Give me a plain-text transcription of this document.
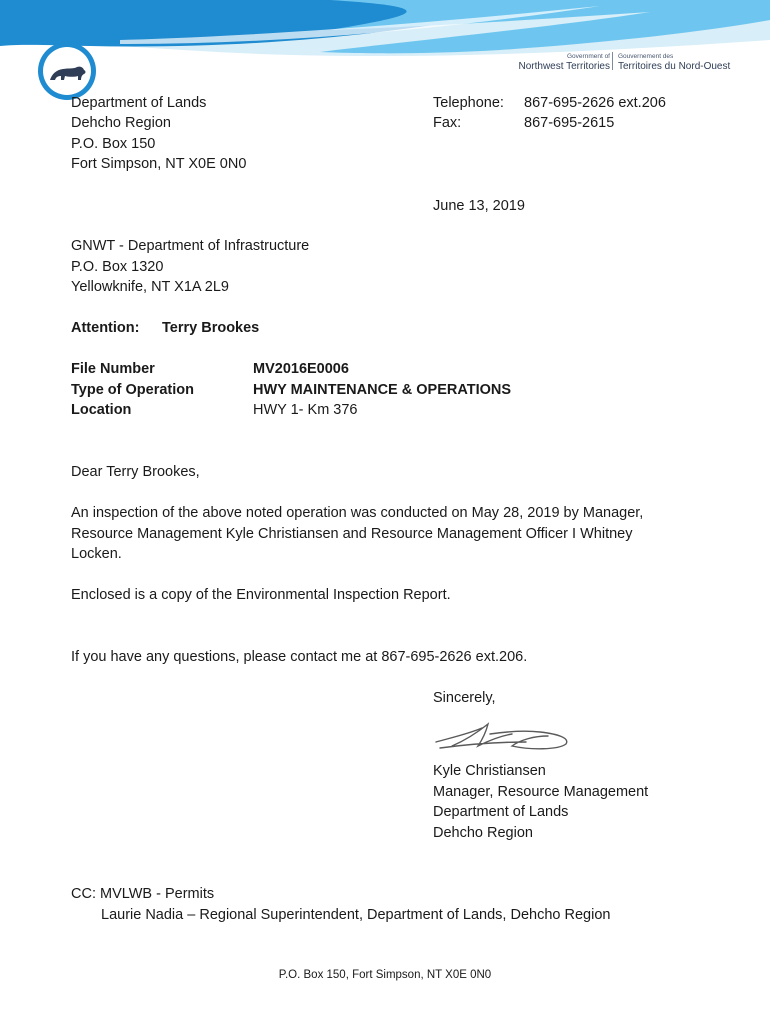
Government of Gouvernement des
Northwest Territories Territoires du Nord-Ouest
Department of Lands
Dehcho Region
P.O. Box 150
Fort Simpson, NT X0E 0N0
Telephone: 867-695-2626 ext.206
Fax:	867-695-2615
June 13, 2019
GNWT - Department of Infrastructure
P.O. Box 1320
Yellowknife, NT X1A 2L9
Attention: Terry Brookes
File Number	MV2016E0006
Type of Operation	HWY MAINTENANCE & OPERATIONS
Location	HWY 1- Km 376
Dear Terry Brookes,
An inspection of the above noted operation was conducted on May 28, 2019 by Manager, Resource Management Kyle Christiansen and Resource Management Officer I Whitney Locken.
Enclosed is a copy of the Environmental Inspection Report.
If you have any questions, please contact me at 867-695-2626 ext.206.
Sincerely,
Kyle Christiansen
Manager, Resource Management
Department of Lands
Dehcho Region
CC: MVLWB - Permits
Laurie Nadia – Regional Superintendent, Department of Lands, Dehcho Region
P.O. Box 150, Fort Simpson, NT X0E 0N0
